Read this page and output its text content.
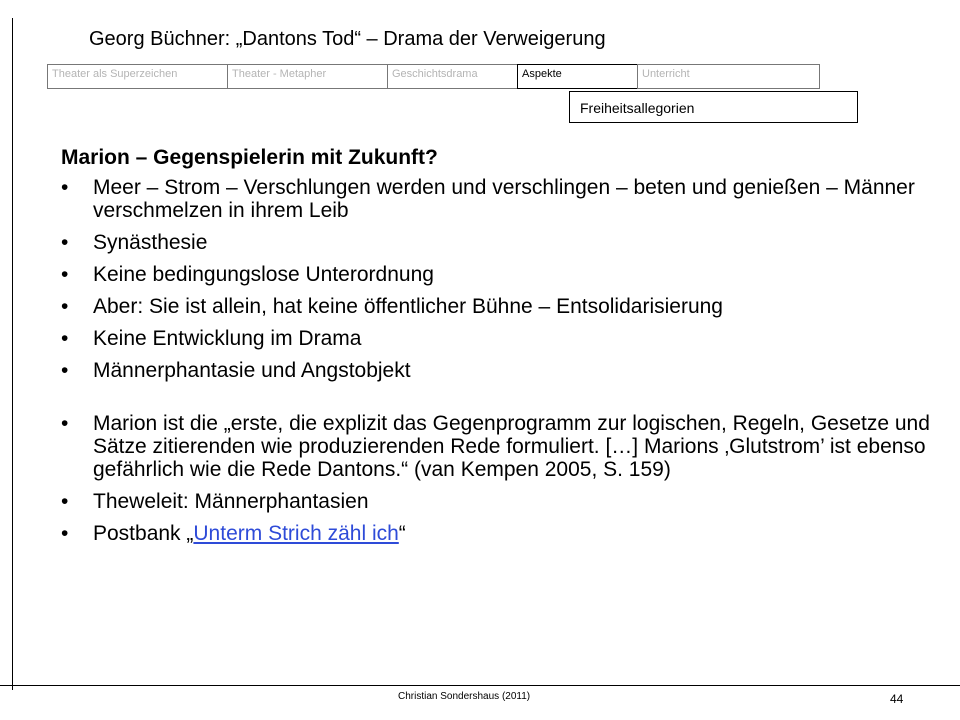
Georg Büchner: „Dantons Tod“ – Drama der Verweigerung
Theater als Superzeichen	Theater - Metapher	Geschichtsdrama	Aspekte	Unterricht
Freiheitsallegorien
Marion – Gegenspielerin mit Zukunft?
• Meer – Strom – Verschlungen werden und verschlingen – beten und genießen – Männer verschmelzen in ihrem Leib
• Synästhesie
• Keine bedingungslose Unterordnung
• Aber: Sie ist allein, hat keine öffentlicher Bühne – Entsolidarisierung
• Keine Entwicklung im Drama
• Männerphantasie und Angstobjekt
• Marion ist die „erste, die explizit das Gegenprogramm zur logischen, Regeln, Gesetze und Sätze zitierenden wie produzierenden Rede formuliert. […] Marions ‚Glutstrom’ ist ebenso gefährlich wie die Rede Dantons.“ (van Kempen 2005, S. 159)
• Theweleit: Männerphantasien
• Postbank „Unterm Strich zähl ich“
Christian Sondershaus (2011)	44
